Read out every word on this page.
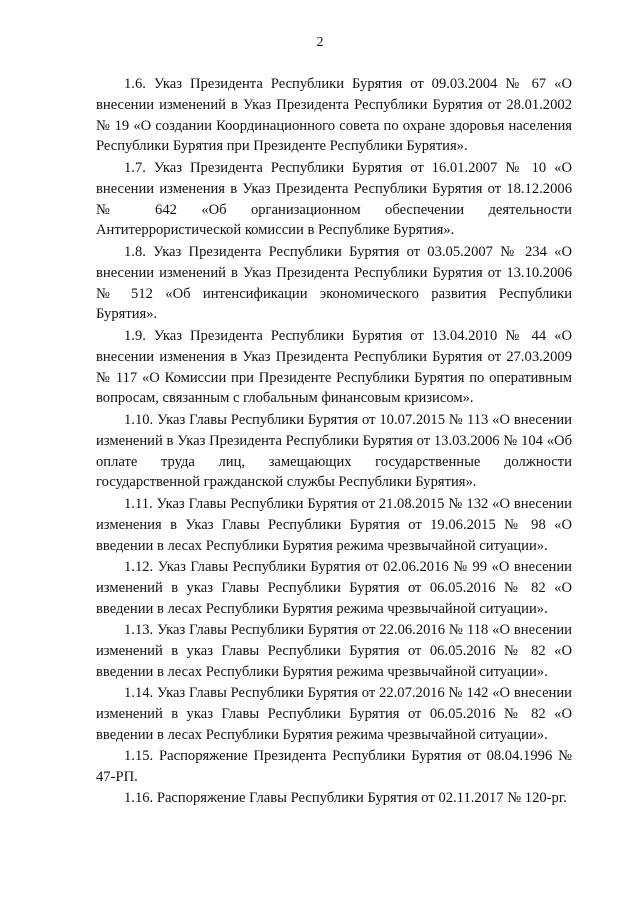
2

1.6. Указ Президента Республики Бурятия от 09.03.2004 № 67 «О внесении изменений в Указ Президента Республики Бурятия от 28.01.2002 № 19 «О создании Координационного совета по охране здоровья населения Республики Бурятия при Президенте Республики Бурятия».

1.7. Указ Президента Республики Бурятия от 16.01.2007 № 10 «О внесении изменения в Указ Президента Республики Бурятия от 18.12.2006 № 642 «Об организационном обеспечении деятельности Антитеррористической комиссии в Республике Бурятия».

1.8. Указ Президента Республики Бурятия от 03.05.2007 № 234 «О внесении изменений в Указ Президента Республики Бурятия от 13.10.2006 № 512 «Об интенсификации экономического развития Республики Бурятия».

1.9. Указ Президента Республики Бурятия от 13.04.2010 № 44 «О внесении изменения в Указ Президента Республики Бурятия от 27.03.2009 № 117 «О Комиссии при Президенте Республики Бурятия по оперативным вопросам, связанным с глобальным финансовым кризисом».

1.10. Указ Главы Республики Бурятия от 10.07.2015 № 113 «О внесении изменений в Указ Президента Республики Бурятия от 13.03.2006 № 104 «Об оплате труда лиц, замещающих государственные должности государственной гражданской службы Республики Бурятия».

1.11. Указ Главы Республики Бурятия от 21.08.2015 № 132 «О внесении изменения в Указ Главы Республики Бурятия от 19.06.2015 № 98 «О введении в лесах Республики Бурятия режима чрезвычайной ситуации».

1.12. Указ Главы Республики Бурятия от 02.06.2016 № 99 «О внесении изменений в указ Главы Республики Бурятия от 06.05.2016 № 82 «О введении в лесах Республики Бурятия режима чрезвычайной ситуации».

1.13. Указ Главы Республики Бурятия от 22.06.2016 № 118 «О внесении изменений в указ Главы Республики Бурятия от 06.05.2016 № 82 «О введении в лесах Республики Бурятия режима чрезвычайной ситуации».

1.14. Указ Главы Республики Бурятия от 22.07.2016 № 142 «О внесении изменений в указ Главы Республики Бурятия от 06.05.2016 № 82 «О введении в лесах Республики Бурятия режима чрезвычайной ситуации».

1.15. Распоряжение Президента Республики Бурятия от 08.04.1996 № 47-РП.

1.16. Распоряжение Главы Республики Бурятия от 02.11.2017 № 120-рг.
